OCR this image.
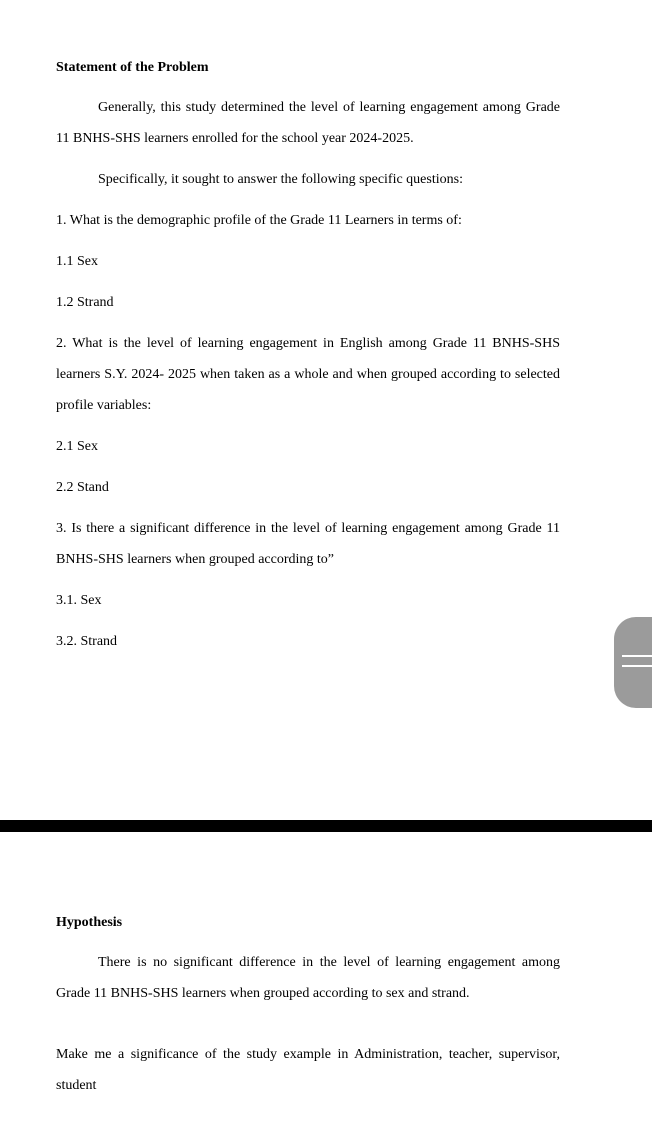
Statement of the Problem

Generally, this study determined the level of learning engagement among Grade 11 BNHS-SHS learners enrolled for the school year 2024-2025.

Specifically, it sought to answer the following specific questions:

1. What is the demographic profile of the Grade 11 Learners in terms of:

1.1 Sex

1.2 Strand

2. What is the level of learning engagement in English among Grade 11 BNHS-SHS learners S.Y. 2024- 2025 when taken as a whole and when grouped according to selected profile variables:

2.1 Sex

2.2 Stand

3. Is there a significant difference in the level of learning engagement among Grade 11 BNHS-SHS learners when grouped according to”

3.1. Sex

3.2. Strand

Hypothesis

There is no significant difference in the level of learning engagement among Grade 11 BNHS-SHS learners when grouped according to sex and strand.

Make me a significance of the study example in Administration, teacher, supervisor, student
